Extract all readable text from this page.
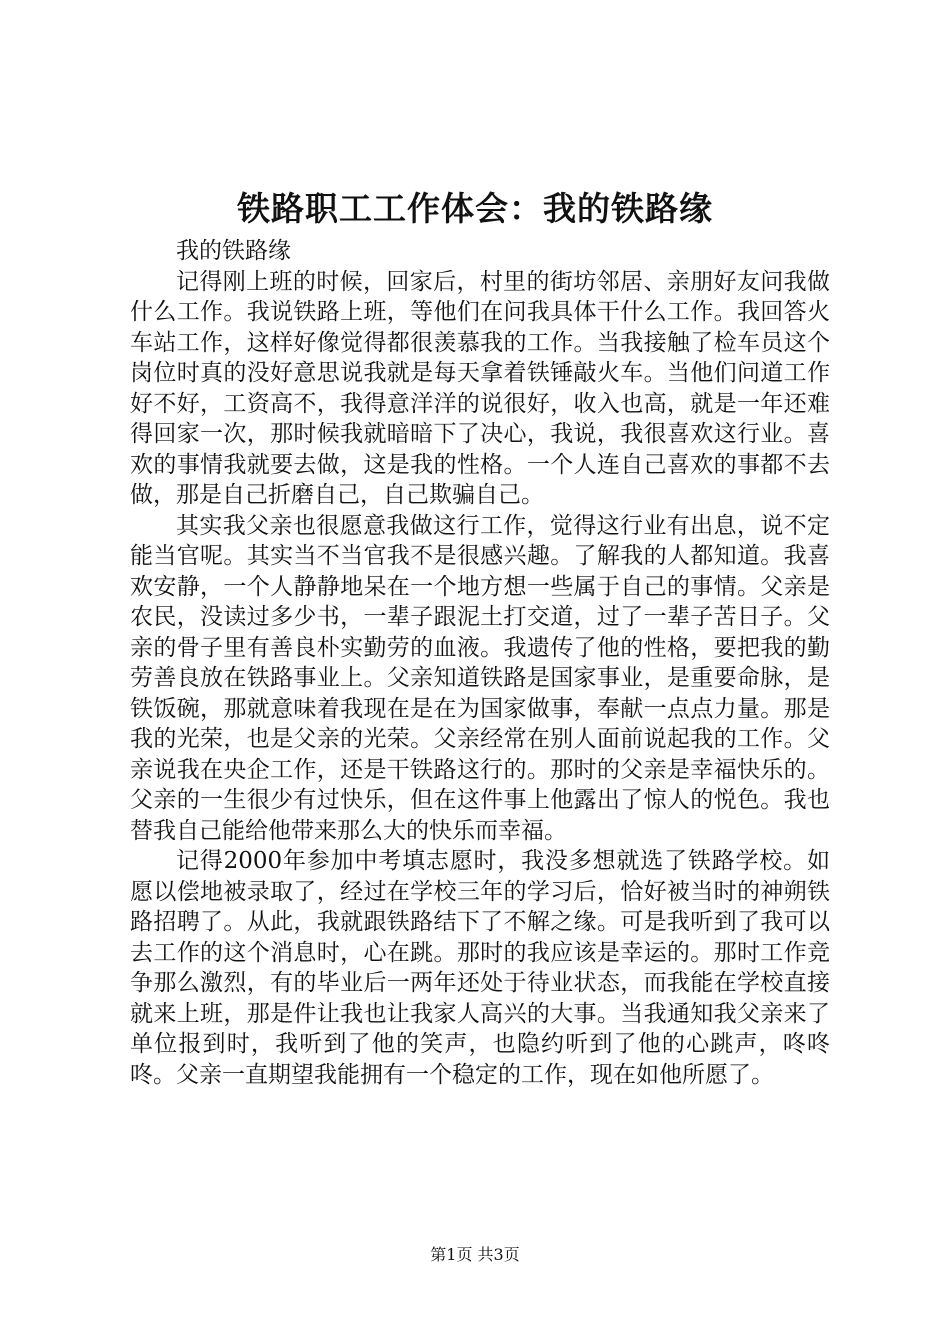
铁路职工工作体会：我的铁路缘

我的铁路缘

记得刚上班的时候，回家后，村里的街坊邻居、亲朋好友问我做什么工作。我说铁路上班，等他们在问我具体干什么工作。我回答火车站工作，这样好像觉得都很羡慕我的工作。当我接触了检车员这个岗位时真的没好意思说我就是每天拿着铁锤敲火车。当他们问道工作好不好，工资高不，我得意洋洋的说很好，收入也高，就是一年还难得回家一次，那时候我就暗暗下了决心，我说，我很喜欢这行业。喜欢的事情我就要去做，这是我的性格。一个人连自己喜欢的事都不去做，那是自己折磨自己，自己欺骗自己。

其实我父亲也很愿意我做这行工作，觉得这行业有出息，说不定能当官呢。其实当不当官我不是很感兴趣。了解我的人都知道。我喜欢安静，一个人静静地呆在一个地方想一些属于自己的事情。父亲是农民，没读过多少书，一辈子跟泥土打交道，过了一辈子苦日子。父亲的骨子里有善良朴实勤劳的血液。我遗传了他的性格，要把我的勤劳善良放在铁路事业上。父亲知道铁路是国家事业，是重要命脉，是铁饭碗，那就意味着我现在是在为国家做事，奉献一点点力量。那是我的光荣，也是父亲的光荣。父亲经常在别人面前说起我的工作。父亲说我在央企工作，还是干铁路这行的。那时的父亲是幸福快乐的。父亲的一生很少有过快乐，但在这件事上他露出了惊人的悦色。我也替我自己能给他带来那么大的快乐而幸福。

记得2000年参加中考填志愿时，我没多想就选了铁路学校。如愿以偿地被录取了，经过在学校三年的学习后，恰好被当时的神朔铁路招聘了。从此，我就跟铁路结下了不解之缘。可是我听到了我可以去工作的这个消息时，心在跳。那时的我应该是幸运的。那时工作竞争那么激烈，有的毕业后一两年还处于待业状态，而我能在学校直接就来上班，那是件让我也让我家人高兴的大事。当我通知我父亲来了单位报到时，我听到了他的笑声，也隐约听到了他的心跳声，咚咚咚。父亲一直期望我能拥有一个稳定的工作，现在如他所愿了。

第1页 共3页
